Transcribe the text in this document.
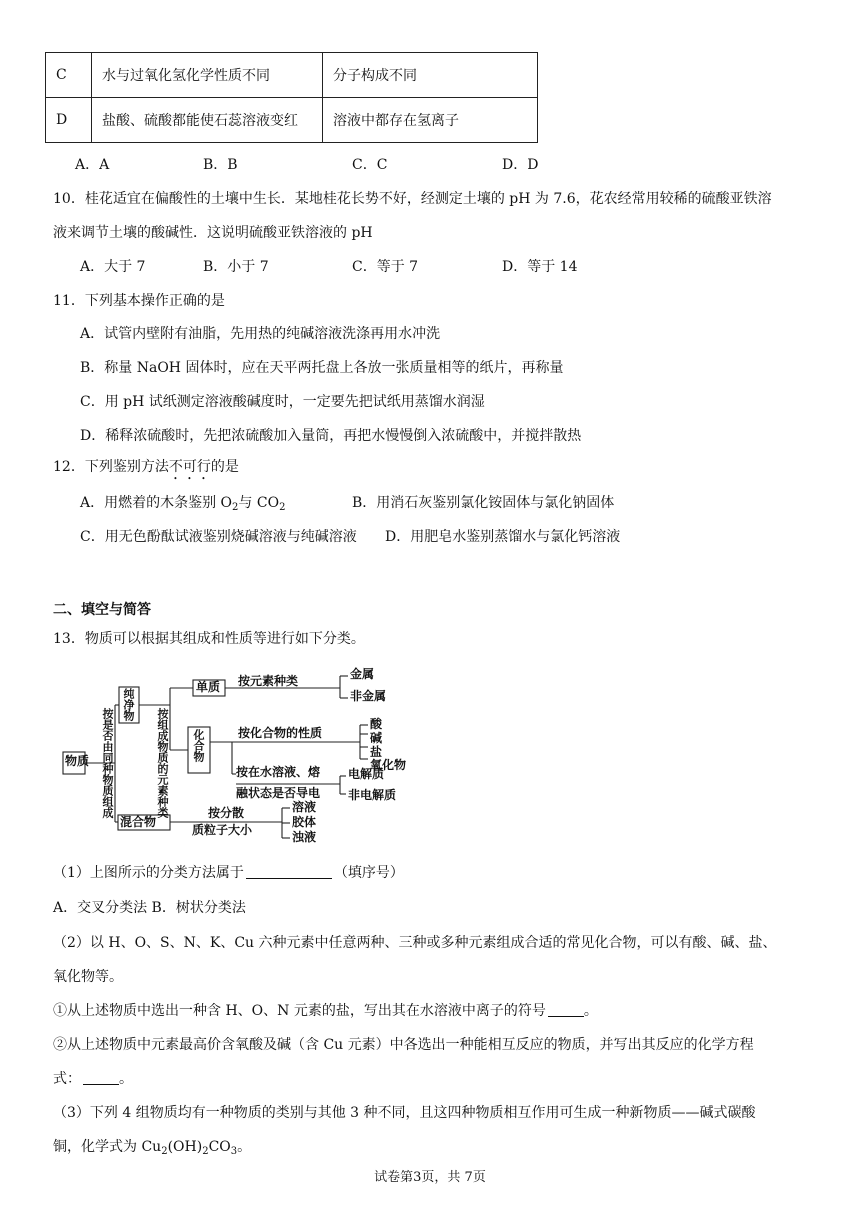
C	水与过氧化氢化学性质不同	分子构成不同
D	盐酸、硫酸都能使石蕊溶液变红	溶液中都存在氢离子
A．A	B．B	C．C	D．D
10．桂花适宜在偏酸性的土壤中生长．某地桂花长势不好，经测定土壤的 pH 为 7.6，花农经常用较稀的硫酸亚铁溶
液来调节土壤的酸碱性．这说明硫酸亚铁溶液的 pH
A．大于 7	B．小于 7	C．等于 7	D．等于 14
11．下列基本操作正确的是
A．试管内壁附有油脂，先用热的纯碱溶液洗涤再用水冲洗
B．称量 NaOH 固体时，应在天平两托盘上各放一张质量相等的纸片，再称量
C．用 pH 试纸测定溶液酸碱度时，一定要先把试纸用蒸馏水润湿
D．稀释浓硫酸时，先把浓硫酸加入量筒，再把水慢慢倒入浓硫酸中，并搅拌散热
12．下列鉴别方法不可行的是
A．用燃着的木条鉴别 $O_2$与 $CO_2$	B．用消石灰鉴别氯化铵固体与氯化钠固体
C．用无色酚酞试液鉴别烧碱溶液与纯碱溶液 D．用肥皂水鉴别蒸馏水与氯化钙溶液
二、填空与简答
13．物质可以根据其组成和性质等进行如下分类。
物质	按是否由同种物质组成
纯净物
混合物
按组成物质的元素种类
单质 按元素种类	金属
非金属
化合物	按化合物的性质
酸
碱
盐
氧化物
按在水溶液、熔
融状态是否导电
电解质
非电解质
按分散
质粒子大小
溶液
胶体
浊液
（1）上图所示的分类方法属于	（填序号）
A．交叉分类法 B．树状分类法
（2）以 H、O、S、N、K、Cu 六种元素中任意两种、三种或多种元素组成合适的常见化合物，可以有酸、碱、盐、
氧化物等。
①从上述物质中选出一种含 H、O、N 元素的盐，写出其在水溶液中离子的符号	。
②从上述物质中元素最高价含氧酸及碱（含 Cu 元素）中各选出一种能相互反应的物质，并写出其反应的化学方程
式：	。
（3）下列 4 组物质均有一种物质的类别与其他 3 种不同，且这四种物质相互作用可生成一种新物质——碱式碳酸
铜，化学式为 $Cu_2(OH)_2CO_3$。
试卷第3页，共 7页
